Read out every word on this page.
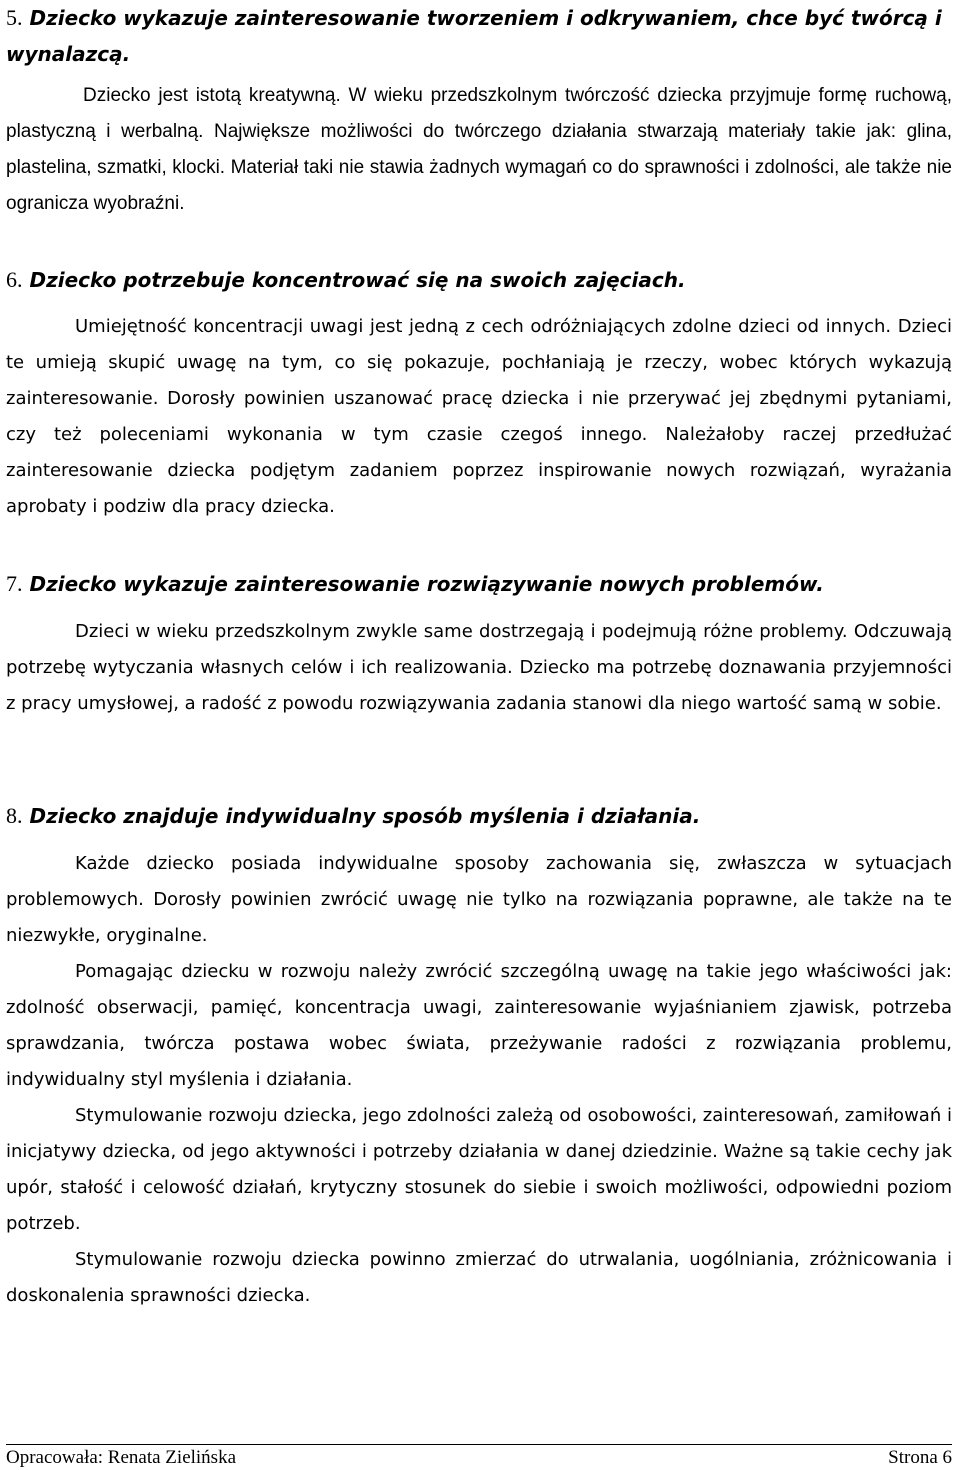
5. Dziecko wykazuje zainteresowanie tworzeniem i odkrywaniem, chce być twórcą i wynalazcą.

Dziecko jest istotą kreatywną. W wieku przedszkolnym twórczość dziecka przyjmuje formę ruchową, plastyczną i werbalną. Największe możliwości do twórczego działania stwarzają materiały takie jak: glina, plastelina, szmatki, klocki. Materiał taki nie stawia żadnych wymagań co do sprawności i zdolności, ale także nie ogranicza wyobraźni.

6. Dziecko potrzebuje koncentrować się na swoich zajęciach.

Umiejętność koncentracji uwagi jest jedną z cech odróżniających zdolne dzieci od innych. Dzieci te umieją skupić uwagę na tym, co się pokazuje, pochłaniają je rzeczy, wobec których wykazują zainteresowanie. Dorosły powinien uszanować pracę dziecka i nie przerywać jej zbędnymi pytaniami, czy też poleceniami wykonania w tym czasie czegoś innego. Należałoby raczej przedłużać zainteresowanie dziecka podjętym zadaniem poprzez inspirowanie nowych rozwiązań, wyrażania aprobaty i podziw dla pracy dziecka.

7. Dziecko wykazuje zainteresowanie rozwiązywanie nowych problemów.

Dzieci w wieku przedszkolnym zwykle same dostrzegają i podejmują różne problemy. Odczuwają potrzebę wytyczania własnych celów i ich realizowania. Dziecko ma potrzebę doznawania przyjemności z pracy umysłowej, a radość z powodu rozwiązywania zadania stanowi dla niego wartość samą w sobie.

8. Dziecko znajduje indywidualny sposób myślenia i działania.

Każde dziecko posiada indywidualne sposoby zachowania się, zwłaszcza w sytuacjach problemowych. Dorosły powinien zwrócić uwagę nie tylko na rozwiązania poprawne, ale także na te niezwykłe, oryginalne.

Pomagając dziecku w rozwoju należy zwrócić szczególną uwagę na takie jego właściwości jak: zdolność obserwacji, pamięć, koncentracja uwagi, zainteresowanie wyjaśnianiem zjawisk, potrzeba sprawdzania, twórcza postawa wobec świata, przeżywanie radości z rozwiązania problemu, indywidualny styl myślenia i działania.

Stymulowanie rozwoju dziecka, jego zdolności zależą od osobowości, zainteresowań, zamiłowań i inicjatywy dziecka, od jego aktywności i potrzeby działania w danej dziedzinie. Ważne są takie cechy jak upór, stałość i celowość działań, krytyczny stosunek do siebie i swoich możliwości, odpowiedni poziom potrzeb.

Stymulowanie rozwoju dziecka powinno zmierzać do utrwalania, uogólniania, zróżnicowania i doskonalenia sprawności dziecka.

Opracowała: Renata Zielińska	Strona 6
